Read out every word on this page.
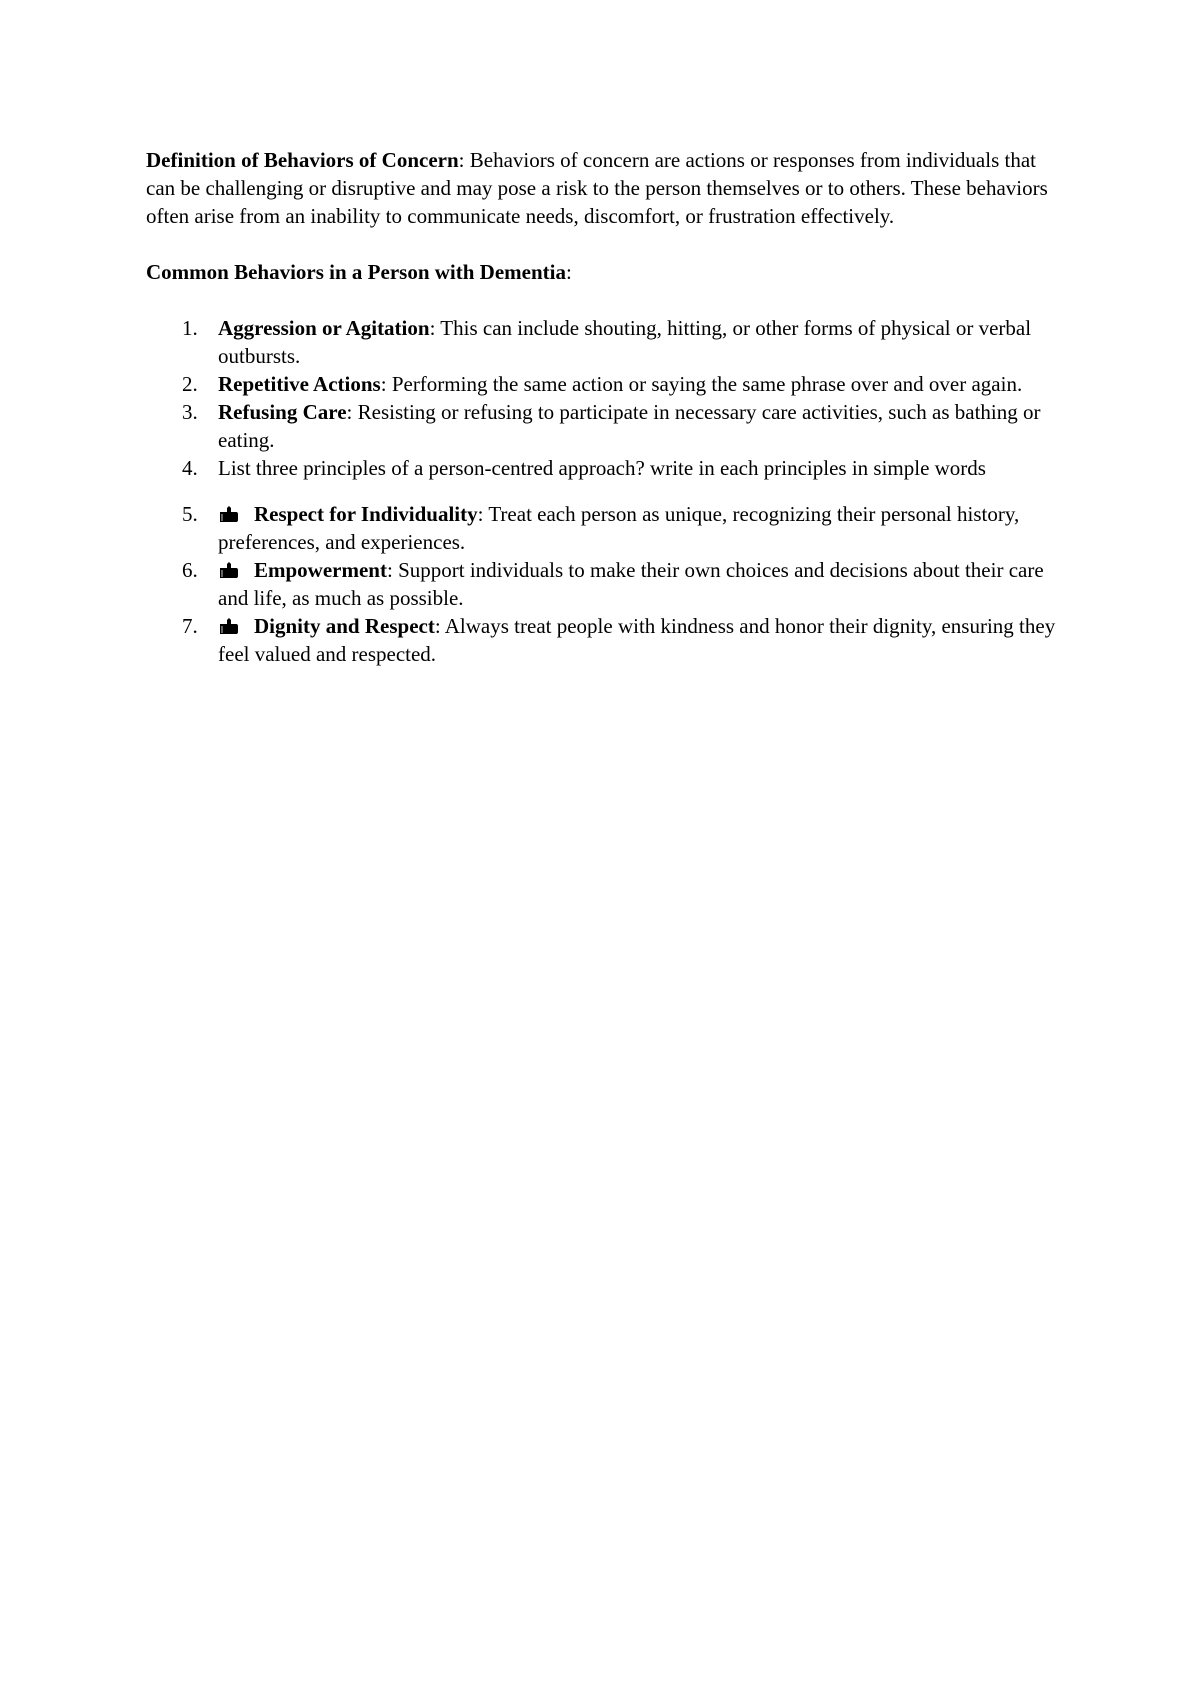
Definition of Behaviors of Concern: Behaviors of concern are actions or responses from individuals that can be challenging or disruptive and may pose a risk to the person themselves or to others. These behaviors often arise from an inability to communicate needs, discomfort, or frustration effectively.

Common Behaviors in a Person with Dementia:

1. Aggression or Agitation: This can include shouting, hitting, or other forms of physical or verbal outbursts.
2. Repetitive Actions: Performing the same action or saying the same phrase over and over again.
3. Refusing Care: Resisting or refusing to participate in necessary care activities, such as bathing or eating.
4. List three principles of a person-centred approach? write in each principles in simple words
5.	Respect for Individuality: Treat each person as unique, recognizing their personal history, preferences, and experiences.
6.	Empowerment: Support individuals to make their own choices and decisions about their care and life, as much as possible.
7.	Dignity and Respect: Always treat people with kindness and honor their dignity, ensuring they feel valued and respected.
